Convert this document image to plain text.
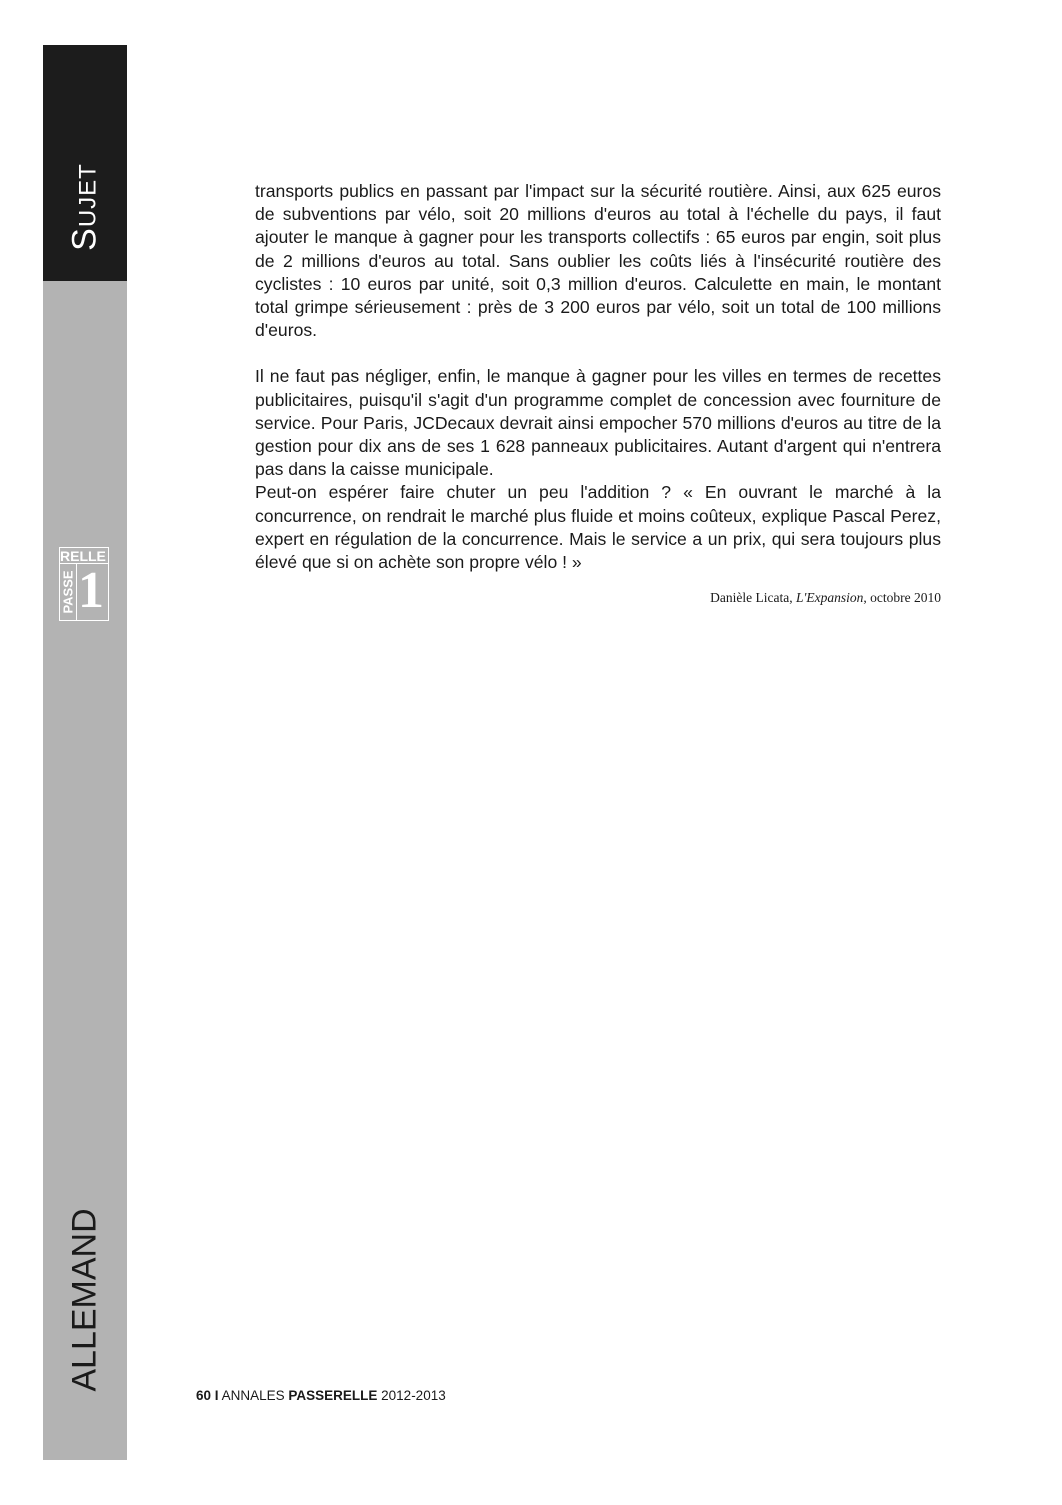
Sujet
RELLE
PASSE 1
ALLEMAND

transports publics en passant par l'impact sur la sécurité routière. Ainsi, aux 625 euros de subventions par vélo, soit 20 millions d'euros au total à l'échelle du pays, il faut ajouter le manque à gagner pour les transports collectifs : 65 euros par engin, soit plus de 2 millions d'euros au total. Sans oublier les coûts liés à l'insécurité routière des cyclistes : 10 euros par unité, soit 0,3 million d'euros. Calculette en main, le montant total grimpe sérieusement : près de 3 200 euros par vélo, soit un total de 100 millions d'euros.

Il ne faut pas négliger, enfin, le manque à gagner pour les villes en termes de recettes publicitaires, puisqu'il s'agit d'un programme complet de concession avec fourniture de service. Pour Paris, JCDecaux devrait ainsi empocher 570 millions d'euros au titre de la gestion pour dix ans de ses 1 628 panneaux publicitaires. Autant d'argent qui n'entrera pas dans la caisse municipale.

Peut-on espérer faire chuter un peu l'addition ? « En ouvrant le marché à la concurrence, on rendrait le marché plus fluide et moins coûteux, explique Pascal Perez, expert en régulation de la concurrence. Mais le service a un prix, qui sera toujours plus élevé que si on achète son propre vélo ! »

Danièle Licata, L'Expansion, octobre 2010
60 I ANNALES PASSERELLE 2012-2013
